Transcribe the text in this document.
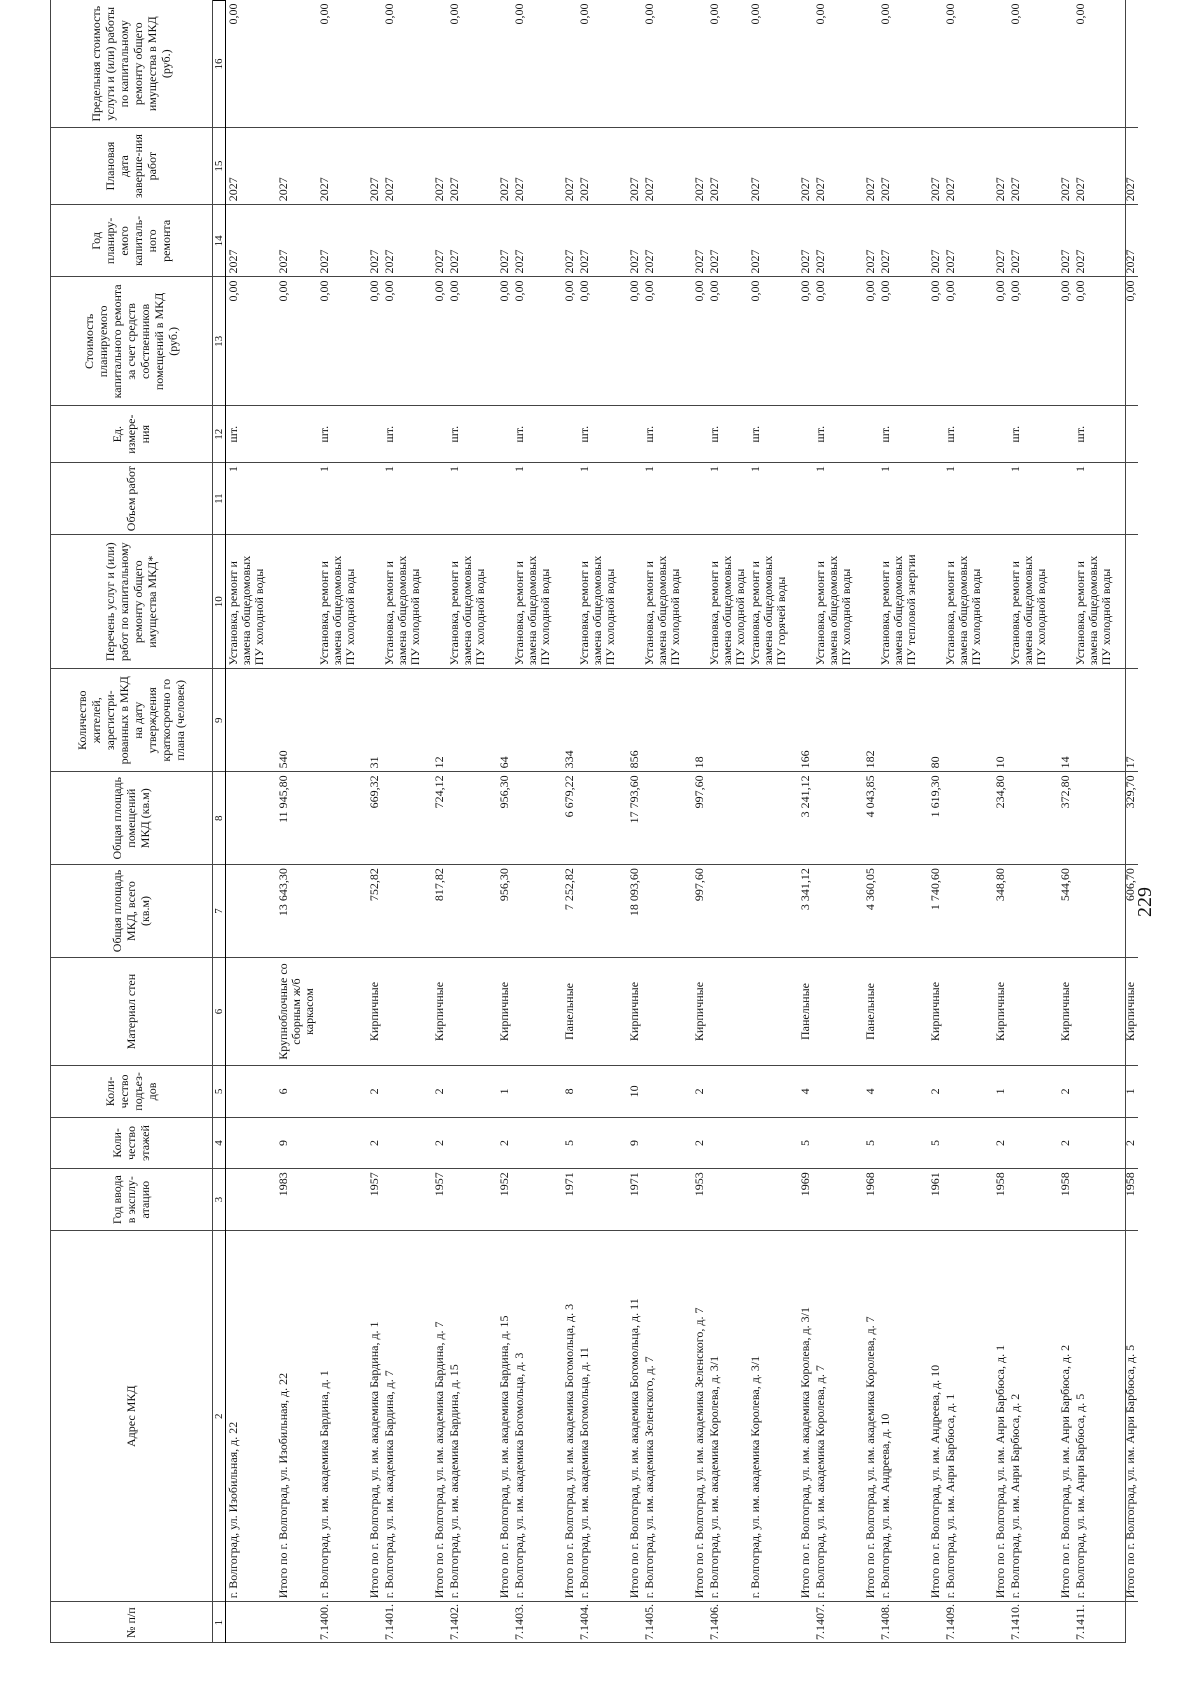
№ п/п	Адрес МКД	Год ввода в эксплу-атацию	Коли-чество этажей	Коли-чество подъез-дов	Материал стен	Общая площадь МКД, всего (кв.м)	Общая площадь помещений МКД (кв.м)	Количество жителей, зарегистри-рованных в МКД на дату утверждения краткосрочно го плана (человек)	Перечень услуг и (или) работ по капитальному ремонту общего имущества МКД*	Объем работ	Ед. измере-ния	Стоимость планируемого капитального ремонта за счет средств собственников помещений в МКД (руб.)	Год планиру-емого капиталь-ного ремонта	Плановая дата заверше-ния работ	Предельная стоимость услуги и (или) работы по капитальному ремонту общего имущества в МКД (руб.)
1	2	3	4	5	6	7	8	9	10	11	12	13	14	15	16
	г. Волгоград, ул. Изобильная, д. 22								Установка, ремонт и замена общедомовых ПУ холодной воды	1	шт.	0,00	2027	2027	0,00
	Итого по г. Волгоград, ул. Изобильная, д. 22	1983	9	6	Крупноблочные со сборным ж/б каркасом	13 643,30	11 945,80	540				0,00	2027	2027	
7.1400.	г. Волгоград, ул. им. академика Бардина, д. 1								Установка, ремонт и замена общедомовых ПУ холодной воды	1	шт.	0,00	2027	2027	0,00
	Итого по г. Волгоград, ул. им. академика Бардина, д. 1	1957	2	2	Кирпичные	752,82	669,32	31				0,00	2027	2027	
7.1401.	г. Волгоград, ул. им. академика Бардина, д. 7								Установка, ремонт и замена общедомовых ПУ холодной воды	1	шт.	0,00	2027	2027	0,00
	Итого по г. Волгоград, ул. им. академика Бардина, д. 7	1957	2	2	Кирпичные	817,82	724,12	12				0,00	2027	2027	
7.1402.	г. Волгоград, ул. им. академика Бардина, д. 15								Установка, ремонт и замена общедомовых ПУ холодной воды	1	шт.	0,00	2027	2027	0,00
	Итого по г. Волгоград, ул. им. академика Бардина, д. 15	1952	2	1	Кирпичные	956,30	956,30	64				0,00	2027	2027	
7.1403.	г. Волгоград, ул. им. академика Богомольца, д. 3								Установка, ремонт и замена общедомовых ПУ холодной воды	1	шт.	0,00	2027	2027	0,00
	Итого по г. Волгоград, ул. им. академика Богомольца, д. 3	1971	5	8	Панельные	7 252,82	6 679,22	334				0,00	2027	2027	
7.1404.	г. Волгоград, ул. им. академика Богомольца, д. 11								Установка, ремонт и замена общедомовых ПУ холодной воды	1	шт.	0,00	2027	2027	0,00
	Итого по г. Волгоград, ул. им. академика Богомольца, д. 11	1971	9	10	Кирпичные	18 093,60	17 793,60	856				0,00	2027	2027	
7.1405.	г. Волгоград, ул. им. академика Зеленского, д. 7								Установка, ремонт и замена общедомовых ПУ холодной воды	1	шт.	0,00	2027	2027	0,00
	Итого по г. Волгоград, ул. им. академика Зеленского, д. 7	1953	2	2	Кирпичные	997,60	997,60	18				0,00	2027	2027	
7.1406.	г. Волгоград, ул. им. академика Королева, д. 3/1								Установка, ремонт и замена общедомовых ПУ холодной воды	1	шт.	0,00	2027	2027	0,00
	г. Волгоград, ул. им. академика Королева, д. 3/1								Установка, ремонт и замена общедомовых ПУ горячей воды	1	шт.	0,00	2027	2027	0,00
	Итого по г. Волгоград, ул. им. академика Королева, д. 3/1	1969	5	4	Панельные	3 341,12	3 241,12	166				0,00	2027	2027	
7.1407.	г. Волгоград, ул. им. академика Королева, д. 7								Установка, ремонт и замена общедомовых ПУ холодной воды	1	шт.	0,00	2027	2027	0,00
	Итого по г. Волгоград, ул. им. академика Королева, д. 7	1968	5	4	Панельные	4 360,05	4 043,85	182				0,00	2027	2027	
7.1408.	г. Волгоград, ул. им. Андреева, д. 10								Установка, ремонт и замена общедомовых ПУ тепловой энергии	1	шт.	0,00	2027	2027	0,00
	Итого по г. Волгоград, ул. им. Андреева, д. 10	1961	5	2	Кирпичные	1 740,60	1 619,30	80				0,00	2027	2027	
7.1409.	г. Волгоград, ул. им. Анри Барбюса, д. 1								Установка, ремонт и замена общедомовых ПУ холодной воды	1	шт.	0,00	2027	2027	0,00
	Итого по г. Волгоград, ул. им. Анри Барбюса, д. 1	1958	2	1	Кирпичные	348,80	234,80	10				0,00	2027	2027	
7.1410.	г. Волгоград, ул. им. Анри Барбюса, д. 2								Установка, ремонт и замена общедомовых ПУ холодной воды	1	шт.	0,00	2027	2027	0,00
	Итого по г. Волгоград, ул. им. Анри Барбюса, д. 2	1958	2	2	Кирпичные	544,60	372,80	14				0,00	2027	2027	
7.1411.	г. Волгоград, ул. им. Анри Барбюса, д. 5								Установка, ремонт и замена общедомовых ПУ холодной воды	1	шт.	0,00	2027	2027	0,00
	Итого по г. Волгоград, ул. им. Анри Барбюса, д. 5	1958	2	1	Кирпичные	606,70	329,70	17				0,00	2027	2027	
229
